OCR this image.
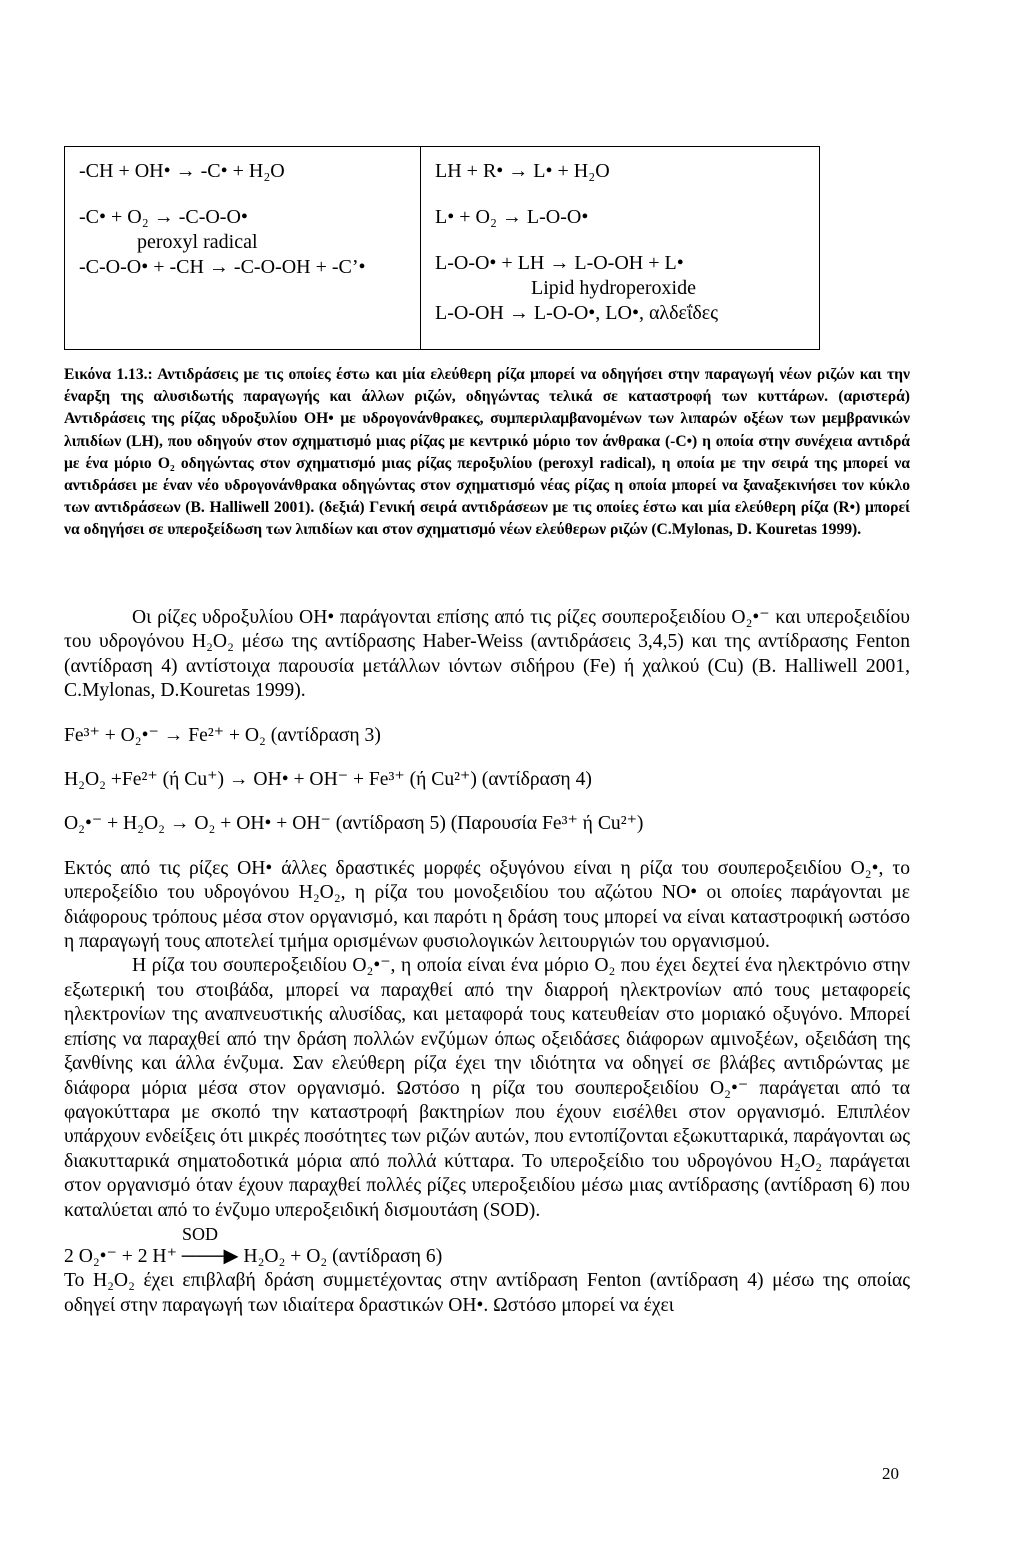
-CH + OH• → -C• + H₂O
-C• + O₂ → -C-O-O•
peroxyl radical
-C-O-O• + -CH → -C-O-OH + -C’•
LH + R• → L• + H₂O
L• + O₂ → L-O-O•
L-O-O• + LH → L-O-OH + L•
Lipid hydroperoxide
L-O-OH → L-O-O•, LO•, αλδεΐδες

Εικόνα 1.13.: Αντιδράσεις με τις οποίες έστω και μία ελεύθερη ρίζα μπορεί να οδηγήσει στην παραγωγή νέων ριζών και την έναρξη της αλυσιδωτής παραγωγής και άλλων ριζών, οδηγώντας τελικά σε καταστροφή των κυττάρων. (αριστερά) Αντιδράσεις της ρίζας υδροξυλίου OH• με υδρογονάνθρακες, συμπεριλαμβανομένων των λιπαρών οξέων των μεμβρανικών λιπιδίων (LH), που οδηγούν στον σχηματισμό μιας ρίζας με κεντρικό μόριο τον άνθρακα (-C•) η οποία στην συνέχεια αντιδρά με ένα μόριο O₂ οδηγώντας στον σχηματισμό μιας ρίζας περοξυλίου (peroxyl radical), η οποία με την σειρά της μπορεί να αντιδράσει με έναν νέο υδρογονάνθρακα οδηγώντας στον σχηματισμό νέας ρίζας η οποία μπορεί να ξαναξεκινήσει τον κύκλο των αντιδράσεων (B. Halliwell 2001). (δεξιά) Γενική σειρά αντιδράσεων με τις οποίες έστω και μία ελεύθερη ρίζα (R•) μπορεί να οδηγήσει σε υπεροξείδωση των λιπιδίων και στον σχηματισμό νέων ελεύθερων ριζών (C.Mylonas, D. Kouretas 1999).

Οι ρίζες υδροξυλίου OH• παράγονται επίσης από τις ρίζες σουπεροξειδίου O₂•⁻ και υπεροξειδίου του υδρογόνου H₂O₂ μέσω της αντίδρασης Haber-Weiss (αντιδράσεις 3,4,5) και της αντίδρασης Fenton (αντίδραση 4) αντίστοιχα παρουσία μετάλλων ιόντων σιδήρου (Fe) ή χαλκού (Cu) (B. Halliwell 2001, C.Mylonas, D.Kouretas 1999).

Fe³⁺ + O₂•⁻ → Fe²⁺ + O₂ (αντίδραση 3)

H₂O₂ +Fe²⁺ (ή Cu⁺) → OH• + OH⁻ + Fe³⁺ (ή Cu²⁺) (αντίδραση 4)

O₂•⁻ + H₂O₂ → O₂ + OH• + OH⁻ (αντίδραση 5) (Παρουσία Fe³⁺ ή Cu²⁺)

Εκτός από τις ρίζες OH• άλλες δραστικές μορφές οξυγόνου είναι η ρίζα του σουπεροξειδίου O₂•, το υπεροξείδιο του υδρογόνου H₂O₂, η ρίζα του μονοξειδίου του αζώτου NO• οι οποίες παράγονται με διάφορους τρόπους μέσα στον οργανισμό, και παρότι η δράση τους μπορεί να είναι καταστροφική ωστόσο η παραγωγή τους αποτελεί τμήμα ορισμένων φυσιολογικών λειτουργιών του οργανισμού.

Η ρίζα του σουπεροξειδίου O₂•⁻, η οποία είναι ένα μόριο O₂ που έχει δεχτεί ένα ηλεκτρόνιο στην εξωτερική του στοιβάδα, μπορεί να παραχθεί από την διαρροή ηλεκτρονίων από τους μεταφορείς ηλεκτρονίων της αναπνευστικής αλυσίδας, και μεταφορά τους κατευθείαν στο μοριακό οξυγόνο. Μπορεί επίσης να παραχθεί από την δράση πολλών ενζύμων όπως οξειδάσες διάφορων αμινοξέων, οξειδάση της ξανθίνης και άλλα ένζυμα. Σαν ελεύθερη ρίζα έχει την ιδιότητα να οδηγεί σε βλάβες αντιδρώντας με διάφορα μόρια μέσα στον οργανισμό. Ωστόσο η ρίζα του σουπεροξειδίου O₂•⁻ παράγεται από τα φαγοκύτταρα με σκοπό την καταστροφή βακτηρίων που έχουν εισέλθει στον οργανισμό. Επιπλέον υπάρχουν ενδείξεις ότι μικρές ποσότητες των ριζών αυτών, που εντοπίζονται εξωκυτταρικά, παράγονται ως διακυτταρικά σηματοδοτικά μόρια από πολλά κύτταρα. Το υπεροξείδιο του υδρογόνου H₂O₂ παράγεται στον οργανισμό όταν έχουν παραχθεί πολλές ρίζες υπεροξειδίου μέσω μιας αντίδρασης (αντίδραση 6) που καταλύεται από το ένζυμο υπεροξειδική δισμουτάση (SOD).

SOD

2 O₂•⁻ + 2 H⁺ ───▶ H₂O₂ + O₂ (αντίδραση 6)

Το H₂O₂ έχει επιβλαβή δράση συμμετέχοντας στην αντίδραση Fenton (αντίδραση 4) μέσω της οποίας οδηγεί στην παραγωγή των ιδιαίτερα δραστικών OH•. Ωστόσο μπορεί να έχει

20
